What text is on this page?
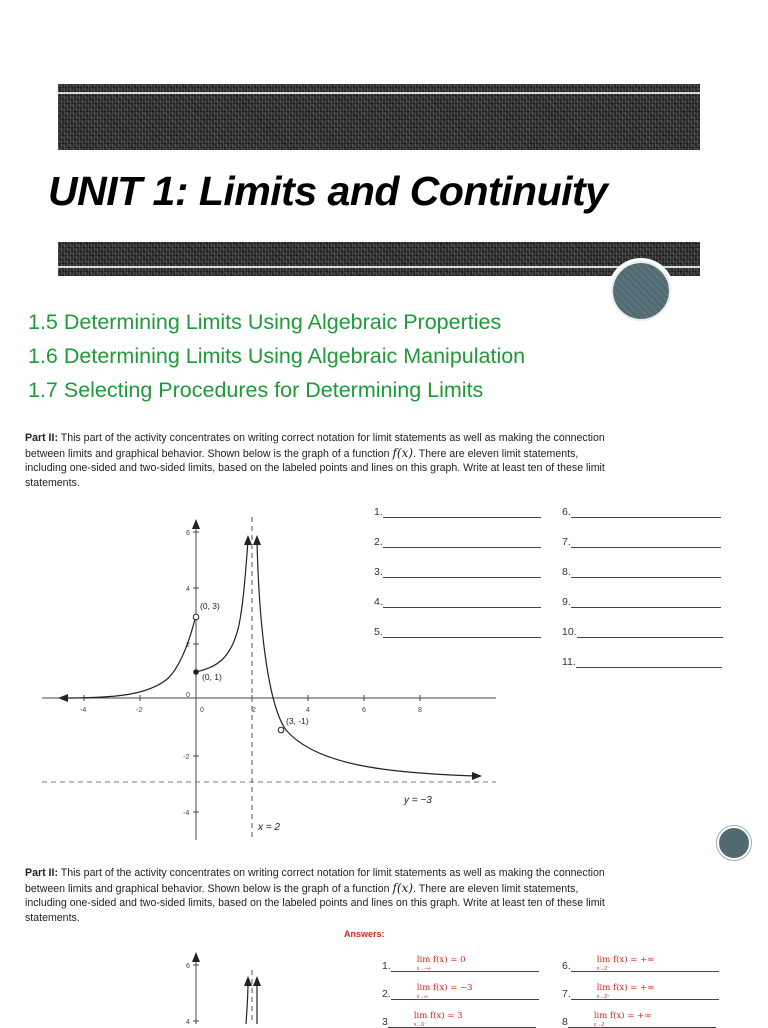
UNIT 1: Limits and Continuity
1.5 Determining Limits Using Algebraic Properties
1.6 Determining Limits Using Algebraic Manipulation
1.7 Selecting Procedures for Determining Limits
Part II: This part of the activity concentrates on writing correct notation for limit statements as well as making the connection between limits and graphical behavior. Shown below is the graph of a function f(x). There are eleven limit statements, including one-sided and two-sided limits, based on the labeled points and lines on this graph. Write at least ten of these limit statements.
6
4
2
0
-2
-4
-4	-2	0	2	4	6	8
(0, 3)
(0, 1)
(3, -1)
y = −3
x = 2
1.
2.
3.
4.
5.
6.
7.
8.
9.
10.
11.
Part II: This part of the activity concentrates on writing correct notation for limit statements as well as making the connection between limits and graphical behavior. Shown below is the graph of a function f(x). There are eleven limit statements, including one-sided and two-sided limits, based on the labeled points and lines on this graph. Write at least ten of these limit statements.
Answers:
6
4
1.	lim f(x) = 0
x→−∞
2.	lim f(x) = −3
x→∞
3	lim f(x) = 3
x→0⁻
6.	lim f(x) = +∞
x→2⁻
7.	lim f(x) = +∞
x→2⁺
8	lim f(x) = +∞
x→2
